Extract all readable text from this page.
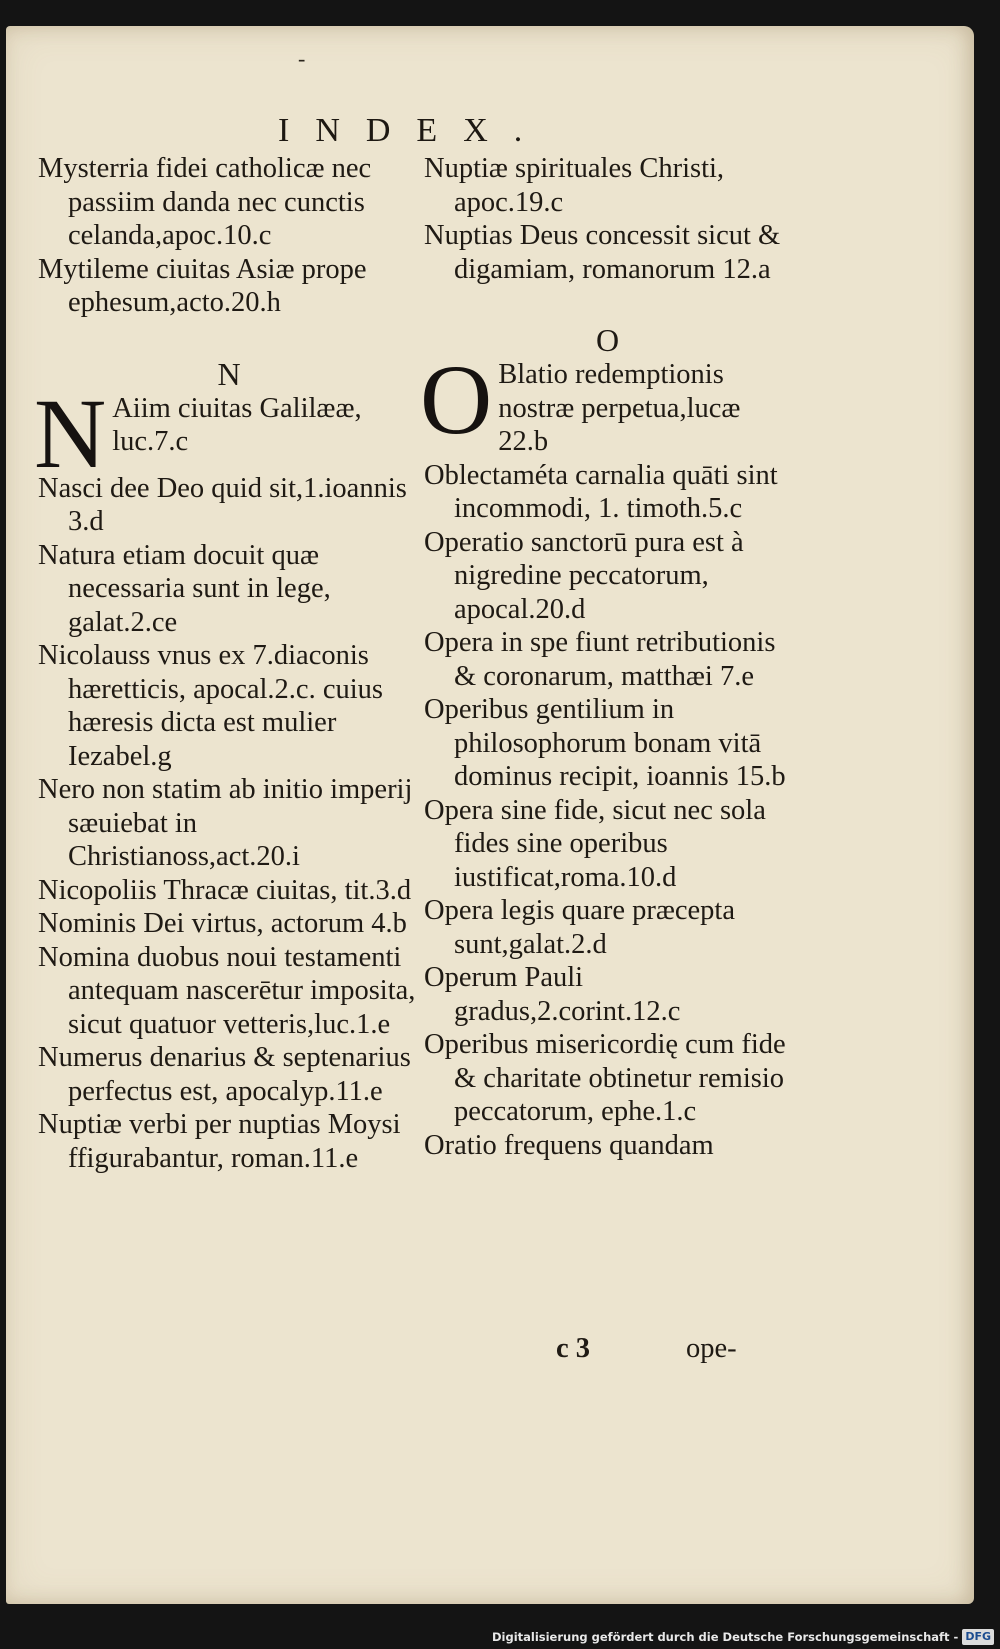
-
INDEX.

Mysterria fidei catholicæ nec passiim danda nec cunctis celanda,apoc.10.c

Mytileme ciuitas Asiæ prope ephesum,acto.20.h

N
N Aiim ciuitas Galilææ,
luc.7.c

Nasci dee Deo quid sit,1.ioannis 3.d

Natura etiam docuit quæ necessaria sunt in lege, galat.2.ce

Nicolauss vnus ex 7.diaconis hæretticis, apocal.2.c. cuius hæresis dicta est mulier Iezabel.g

Nero non statim ab initio imperij sæuiebat in Christianoss,act.20.i

Nicopoliis Thracæ ciuitas, tit.3.d

Nominis Dei virtus, actorum 4.b

Nomina duobus noui testamenti antequam nascerētur imposita, sicut quatuor vetteris,luc.1.e

Numerus denarius & septenarius perfectus est, apocalyp.11.e

Nuptiæ verbi per nuptias Moysi ffigurabantur, roman.11.e

Nuptiæ spirituales Christi, apoc.19.c

Nuptias Deus concessit sicut & digamiam, romanorum 12.a

O
O Blatio redemptionis
nostræ perpetua,lucæ 22.b

Oblectaméta carnalia quāti sint incommodi, 1. timoth.5.c

Operatio sanctorū pura est à nigredine peccatorum, apocal.20.d

Opera in spe fiunt retributionis & coronarum, matthæi 7.e

Operibus gentilium in philosophorum bonam vitā dominus recipit, ioannis 15.b

Opera sine fide, sicut nec sola fides sine operibus iustificat,roma.10.d

Opera legis quare præcepta sunt,galat.2.d

Operum Pauli gradus,2.corint.12.c

Operibus misericordię cum fide & charitate obtinetur remisio peccatorum, ephe.1.c

Oratio frequens quandam

c 3	ope-
Digitalisierung gefördert durch die Deutsche Forschungsgemeinschaft - DFG
